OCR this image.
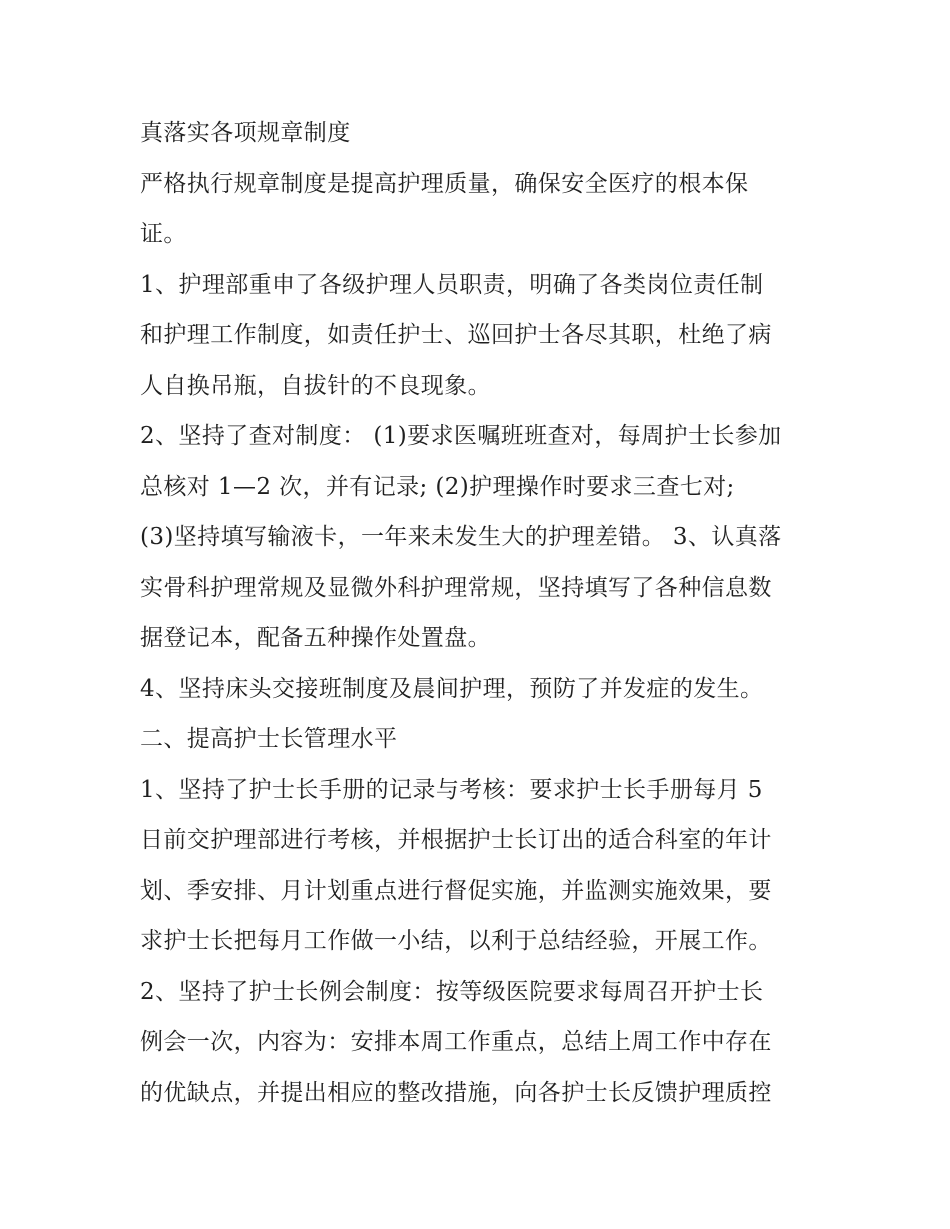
真落实各项规章制度
严格执行规章制度是提高护理质量，确保安全医疗的根本保
证。
1、护理部重申了各级护理人员职责，明确了各类岗位责任制
和护理工作制度，如责任护士、巡回护士各尽其职，杜绝了病
人自换吊瓶，自拔针的不良现象。
2、坚持了查对制度： (1)要求医嘱班班查对，每周护士长参加
总核对 1—2 次，并有记录; (2)护理操作时要求三查七对;
(3)坚持填写输液卡，一年来未发生大的护理差错。 3、认真落
实骨科护理常规及显微外科护理常规，坚持填写了各种信息数
据登记本，配备五种操作处置盘。
4、坚持床头交接班制度及晨间护理，预防了并发症的发生。
二、提高护士长管理水平
1、坚持了护士长手册的记录与考核：要求护士长手册每月 5
日前交护理部进行考核，并根据护士长订出的适合科室的年计
划、季安排、月计划重点进行督促实施，并监测实施效果，要
求护士长把每月工作做一小结，以利于总结经验，开展工作。
2、坚持了护士长例会制度：按等级医院要求每周召开护士长
例会一次，内容为：安排本周工作重点，总结上周工作中存在
的优缺点，并提出相应的整改措施，向各护士长反馈护理质控
